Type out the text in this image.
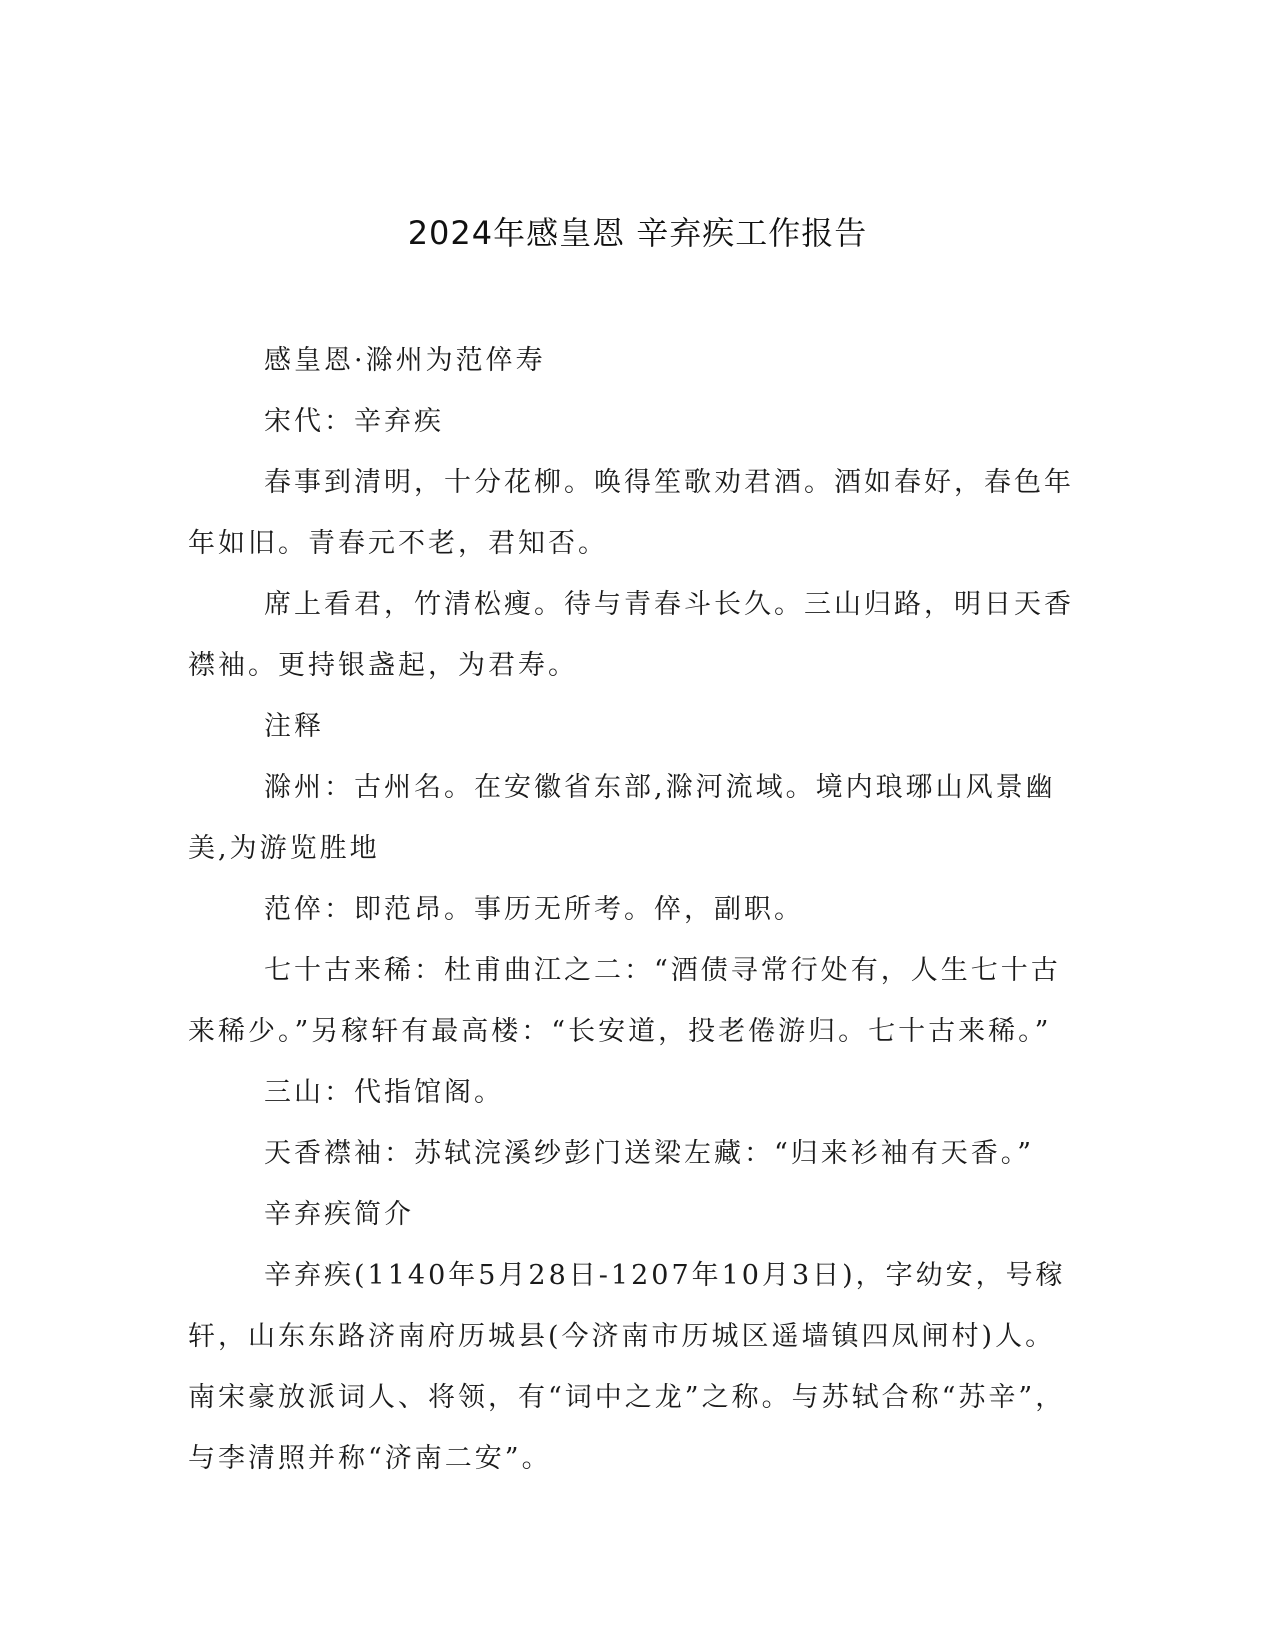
2024年感皇恩 辛弃疾工作报告

感皇恩·滁州为范倅寿

宋代：辛弃疾

春事到清明，十分花柳。唤得笙歌劝君酒。酒如春好，春色年年如旧。青春元不老，君知否。

席上看君，竹清松瘦。待与青春斗长久。三山归路，明日天香襟袖。更持银盏起，为君寿。

注释

滁州：古州名。在安徽省东部,滁河流域。境内琅琊山风景幽美,为游览胜地

范倅：即范昂。事历无所考。倅，副职。

七十古来稀：杜甫曲江之二：“酒债寻常行处有，人生七十古来稀少。”另稼轩有最高楼：“长安道，投老倦游归。七十古来稀。”

三山：代指馆阁。

天香襟袖：苏轼浣溪纱彭门送梁左藏：“归来衫袖有天香。”

辛弃疾简介

辛弃疾(1140年5月28日-1207年10月3日)，字幼安，号稼轩，山东东路济南府历城县(今济南市历城区遥墙镇四凤闸村)人。南宋豪放派词人、将领，有“词中之龙”之称。与苏轼合称“苏辛”，与李清照并称“济南二安”。
